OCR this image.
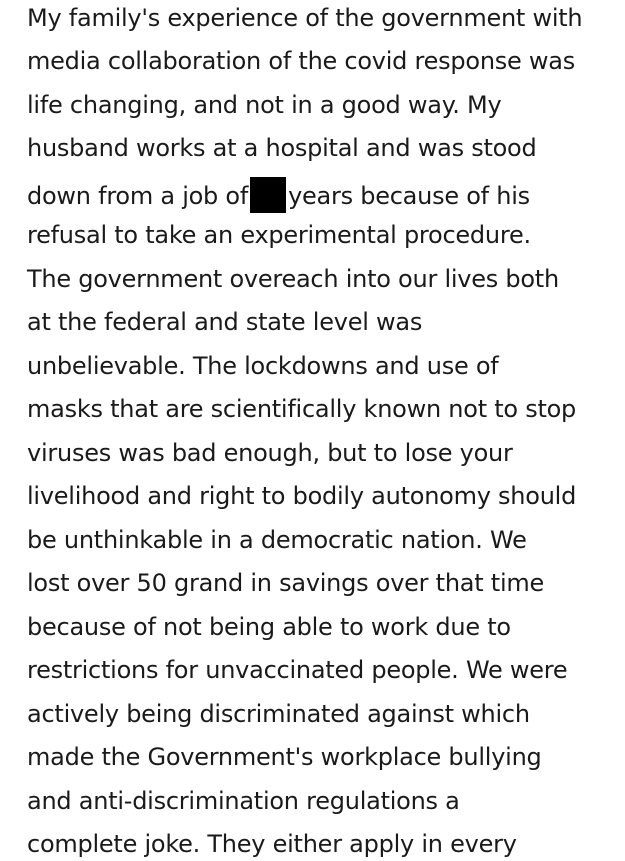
My family's experience of the government with

media collaboration of the covid response was

life changing, and not in a good way. My

husband works at a hospital and was stood

down from a job of years because of his

refusal to take an experimental procedure.

The government overeach into our lives both

at the federal and state level was

unbelievable. The lockdowns and use of

masks that are scientifically known not to stop

viruses was bad enough, but to lose your

livelihood and right to bodily autonomy should

be unthinkable in a democratic nation. We

lost over 50 grand in savings over that time

because of not being able to work due to

restrictions for unvaccinated people. We were

actively being discriminated against which

made the Government's workplace bullying

and anti-discrimination regulations a

complete joke. They either apply in every
